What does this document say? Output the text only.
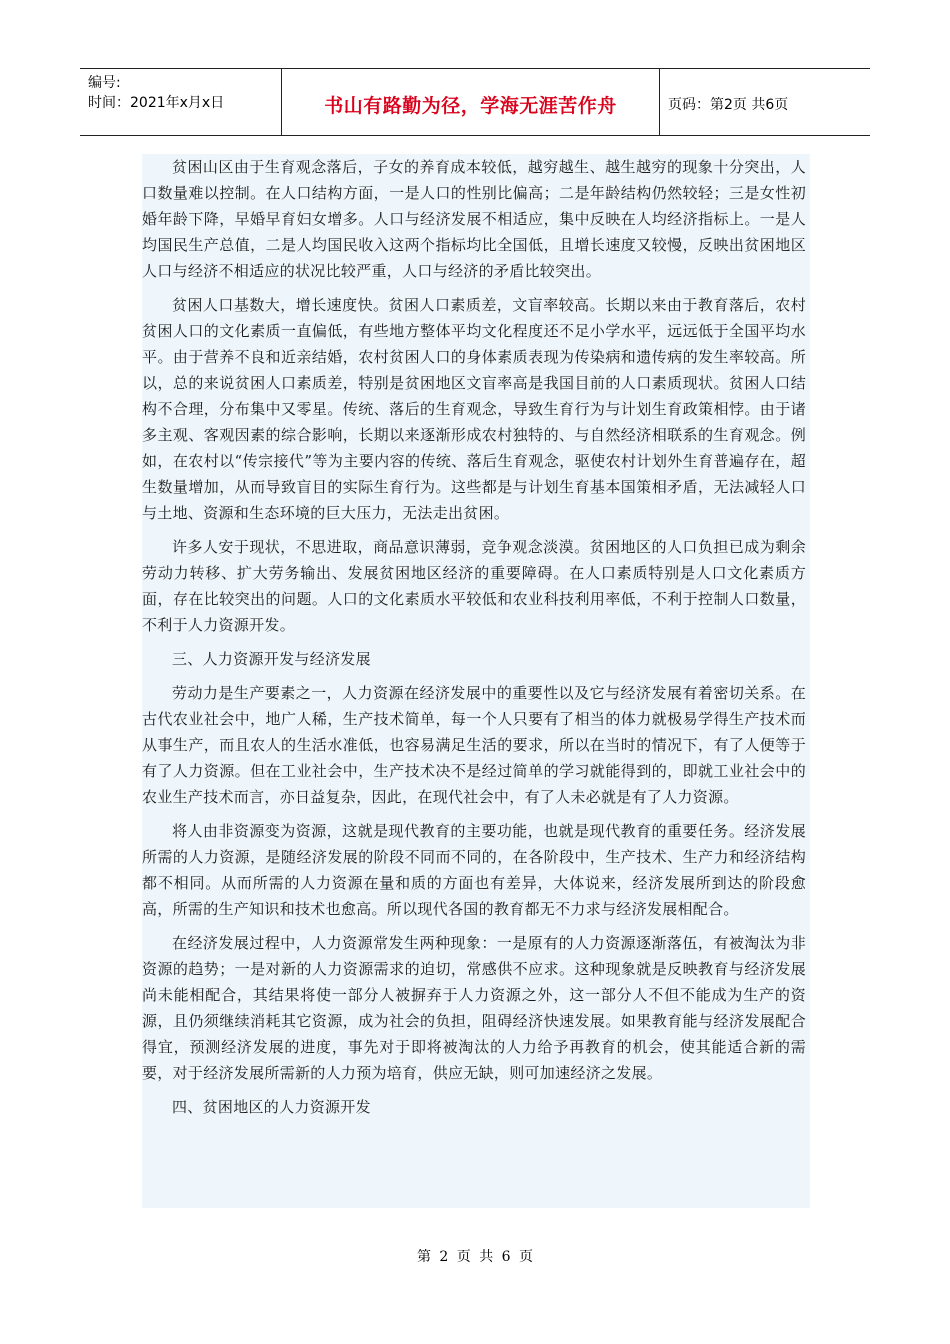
编号:
时间：2021年x月x日	书山有路勤为径，学海无涯苦作舟	页码：第2页 共6页

贫困山区由于生育观念落后，子女的养育成本较低，越穷越生、越生越穷的现象十分突出，人口数量难以控制。在人口结构方面，一是人口的性别比偏高；二是年龄结构仍然较轻；三是女性初婚年龄下降，早婚早育妇女增多。人口与经济发展不相适应，集中反映在人均经济指标上。一是人均国民生产总值，二是人均国民收入这两个指标均比全国低，且增长速度又较慢，反映出贫困地区人口与经济不相适应的状况比较严重，人口与经济的矛盾比较突出。

贫困人口基数大，增长速度快。贫困人口素质差，文盲率较高。长期以来由于教育落后，农村贫困人口的文化素质一直偏低，有些地方整体平均文化程度还不足小学水平，远远低于全国平均水平。由于营养不良和近亲结婚，农村贫困人口的身体素质表现为传染病和遗传病的发生率较高。所以，总的来说贫困人口素质差，特别是贫困地区文盲率高是我国目前的人口素质现状。贫困人口结构不合理，分布集中又零星。传统、落后的生育观念，导致生育行为与计划生育政策相悖。由于诸多主观、客观因素的综合影响，长期以来逐渐形成农村独特的、与自然经济相联系的生育观念。例如，在农村以“传宗接代”等为主要内容的传统、落后生育观念，驱使农村计划外生育普遍存在，超生数量增加，从而导致盲目的实际生育行为。这些都是与计划生育基本国策相矛盾，无法减轻人口与土地、资源和生态环境的巨大压力，无法走出贫困。

许多人安于现状，不思进取，商品意识薄弱，竞争观念淡漠。贫困地区的人口负担已成为剩余劳动力转移、扩大劳务输出、发展贫困地区经济的重要障碍。在人口素质特别是人口文化素质方面，存在比较突出的问题。人口的文化素质水平较低和农业科技利用率低，不利于控制人口数量，不利于人力资源开发。

三、人力资源开发与经济发展

劳动力是生产要素之一，人力资源在经济发展中的重要性以及它与经济发展有着密切关系。在古代农业社会中，地广人稀，生产技术简单，每一个人只要有了相当的体力就极易学得生产技术而从事生产，而且农人的生活水准低，也容易满足生活的要求，所以在当时的情况下，有了人便等于有了人力资源。但在工业社会中，生产技术决不是经过简单的学习就能得到的，即就工业社会中的农业生产技术而言，亦日益复杂，因此，在现代社会中，有了人未必就是有了人力资源。

将人由非资源变为资源，这就是现代教育的主要功能，也就是现代教育的重要任务。经济发展所需的人力资源，是随经济发展的阶段不同而不同的，在各阶段中，生产技术、生产力和经济结构都不相同。从而所需的人力资源在量和质的方面也有差异，大体说来，经济发展所到达的阶段愈高，所需的生产知识和技术也愈高。所以现代各国的教育都无不力求与经济发展相配合。

在经济发展过程中，人力资源常发生两种现象：一是原有的人力资源逐渐落伍，有被淘汰为非资源的趋势；一是对新的人力资源需求的迫切，常感供不应求。这种现象就是反映教育与经济发展尚未能相配合，其结果将使一部分人被摒弃于人力资源之外，这一部分人不但不能成为生产的资源，且仍须继续消耗其它资源，成为社会的负担，阻碍经济快速发展。如果教育能与经济发展配合得宜，预测经济发展的进度，事先对于即将被淘汰的人力给予再教育的机会，使其能适合新的需要，对于经济发展所需新的人力预为培育，供应无缺，则可加速经济之发展。

四、贫困地区的人力资源开发

第 2 页 共 6 页
